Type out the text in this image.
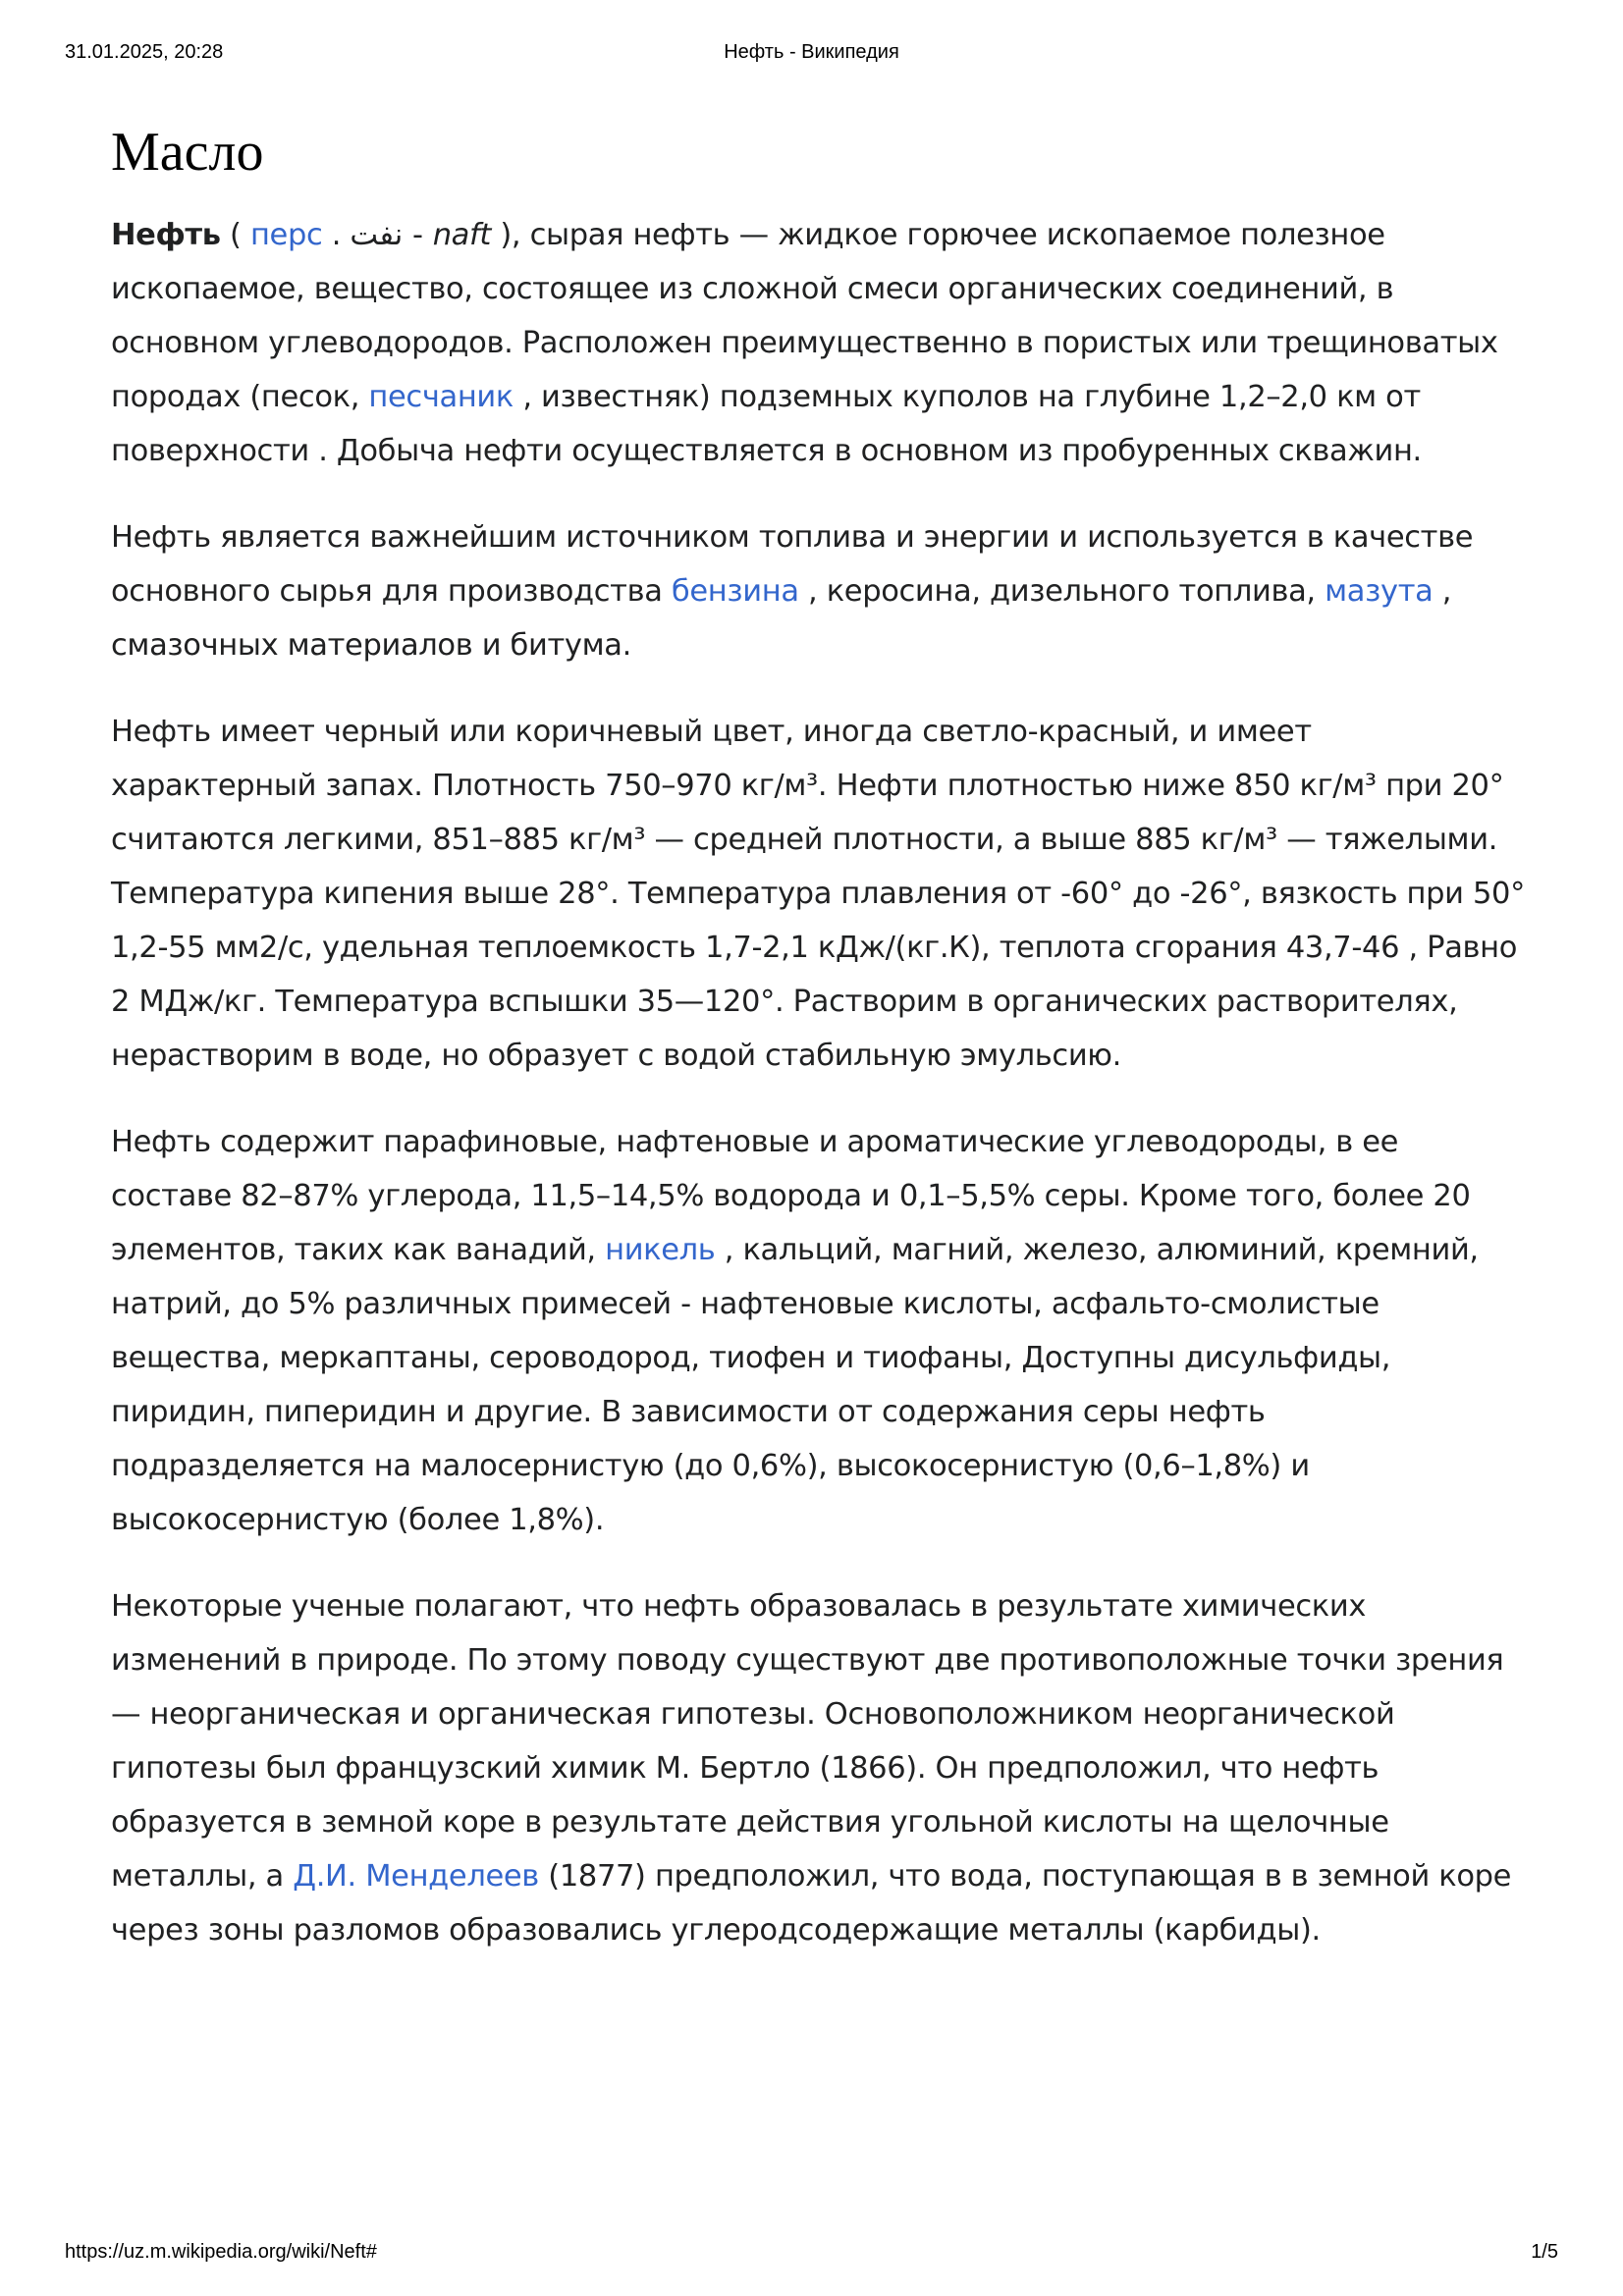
31.01.2025, 20:28	Нефть - Википедия
Масло

Нефть ( перс . نفت - naft ), сырая нефть — жидкое горючее ископаемое полезное ископаемое, вещество, состоящее из сложной смеси органических соединений, в основном углеводородов. Расположен преимущественно в пористых или трещиноватых породах (песок, песчаник , известняк) подземных куполов на глубине 1,2–2,0 км от поверхности . Добыча нефти осуществляется в основном из пробуренных скважин.

Нефть является важнейшим источником топлива и энергии и используется в качестве основного сырья для производства бензина , керосина, дизельного топлива, мазута , смазочных материалов и битума.

Нефть имеет черный или коричневый цвет, иногда светло-красный, и имеет характерный запах. Плотность 750–970 кг/м³. Нефти плотностью ниже 850 кг/м³ при 20° считаются легкими, 851–885 кг/м³ — средней плотности, а выше 885 кг/м³ — тяжелыми. Температура кипения выше 28°. Температура плавления от -60° до -26°, вязкость при 50° 1,2-55 мм2/с, удельная теплоемкость 1,7-2,1 кДж/(кг.К), теплота сгорания 43,7-46 , Равно 2 МДж/кг. Температура вспышки 35—120°. Растворим в органических растворителях, нерастворим в воде, но образует с водой стабильную эмульсию.

Нефть содержит парафиновые, нафтеновые и ароматические углеводороды, в ее составе 82–87% углерода, 11,5–14,5% водорода и 0,1–5,5% серы. Кроме того, более 20 элементов, таких как ванадий, никель , кальций, магний, железо, алюминий, кремний, натрий, до 5% различных примесей - нафтеновые кислоты, асфальто-смолистые вещества, меркаптаны, сероводород, тиофен и тиофаны, Доступны дисульфиды, пиридин, пиперидин и другие. В зависимости от содержания серы нефть подразделяется на малосернистую (до 0,6%), высокосернистую (0,6–1,8%) и высокосернистую (более 1,8%).

Некоторые ученые полагают, что нефть образовалась в результате химических изменений в природе. По этому поводу существуют две противоположные точки зрения — неорганическая и органическая гипотезы. Основоположником неорганической гипотезы был французский химик М. Бертло (1866). Он предположил, что нефть образуется в земной коре в результате действия угольной кислоты на щелочные металлы, а Д.И. Менделеев (1877) предположил, что вода, поступающая в в земной коре через зоны разломов образовались углеродсодержащие металлы (карбиды).

https://uz.m.wikipedia.org/wiki/Neft#	1/5
